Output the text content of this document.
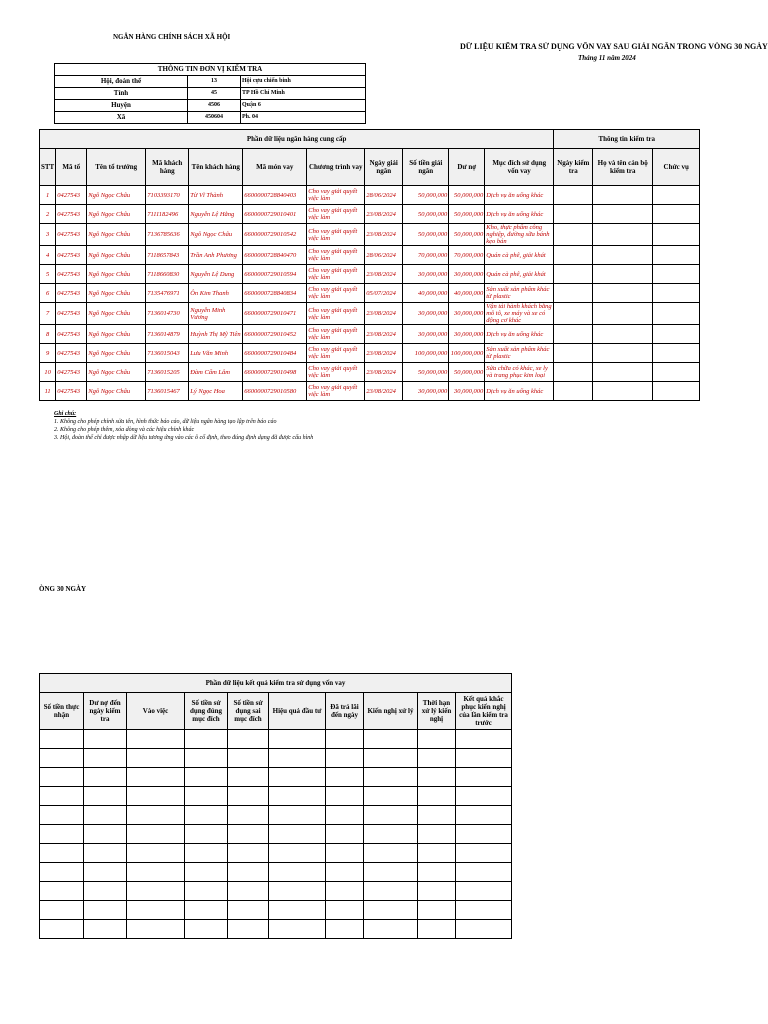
NGÂN HÀNG CHÍNH SÁCH XÃ HỘI
DỮ LIỆU KIỂM TRA SỬ DỤNG VỐN VAY SAU GIẢI NGÂN TRONG VÒNG 30 NGÀY
Tháng 11 năm 2024
THÔNG TIN ĐƠN VỊ KIỂM TRA		
Hội, đoàn thể	13	Hội cựu chiến binh
Tỉnh	45	TP Hồ Chí Minh
Huyện	4506	Quận 6
Xã	450604	Ph. 04
Phần dữ liệu ngân hàng cung cấp											Thông tin kiểm tra		
STT	Mã tổ	Tên tổ trưởng	Mã khách hàng	Tên khách hàng	Mã món vay	Chương trình vay	Ngày giải ngân	Số tiền giải ngân	Dư nợ	Mục đích sử dụng vốn vay	Ngày kiểm tra	Họ và tên cán bộ kiểm tra	Chức vụ
1	0427543	Ngô Ngọc Châu	7103393170	Từ Vĩ Thành	6600000728840403	Cho vay giải quyết việc làm	28/06/2024	50,000,000	50,000,000	Dịch vụ ăn uống khác			
2	0427543	Ngô Ngọc Châu	7111182496	Nguyễn Lệ Hằng	6600000729010401	Cho vay giải quyết việc làm	23/08/2024	50,000,000	50,000,000	Dịch vụ ăn uống khác			
3	0427543	Ngô Ngọc Châu	7136785636	Ngô Ngọc Châu	6600000729010542	Cho vay giải quyết việc làm	23/08/2024	50,000,000	50,000,000	Kho, thực phẩm công nghiệp, đường sữa bánh kẹo bán			
4	0427543	Ngô Ngọc Châu	7118657843	Trần Anh Phương	6600000728840470	Cho vay giải quyết việc làm	28/06/2024	70,000,000	70,000,000	Quán cà phê, giải khát			
5	0427543	Ngô Ngọc Châu	7118660830	Nguyễn Lệ Dung	6600000729010594	Cho vay giải quyết việc làm	23/08/2024	30,000,000	30,000,000	Quán cà phê, giải khát			
6	0427543	Ngô Ngọc Châu	7135476971	Ôn Kim Thanh	6600000728840834	Cho vay giải quyết việc làm	05/07/2024	40,000,000	40,000,000	Sản xuất sản phẩm khác từ plastic			
7	0427543	Ngô Ngọc Châu	7136014730	Nguyễn Minh Vương	6600000729010471	Cho vay giải quyết việc làm	23/08/2024	30,000,000	30,000,000	Vận tải hành khách bằng mô tô, xe máy và xe có động cơ khác			
8	0427543	Ngô Ngọc Châu	7136014879	Huỳnh Thị Mỹ Tiên	6600000729010452	Cho vay giải quyết việc làm	23/08/2024	30,000,000	30,000,000	Dịch vụ ăn uống khác			
9	0427543	Ngô Ngọc Châu	7136015043	Lưu Văn Minh	6600000729010484	Cho vay giải quyết việc làm	23/08/2024	100,000,000	100,000,000	Sản xuất sản phẩm khác từ plastic			
10	0427543	Ngô Ngọc Châu	7136015205	Đàm Cẩm Lâm	6600000729010498	Cho vay giải quyết việc làm	23/08/2024	50,000,000	50,000,000	Sửa chữa có khác, xe ly và trang phục kim loại			
11	0427543	Ngô Ngọc Châu	7136015467	Lý Ngọc Hoa	6600000729010580	Cho vay giải quyết việc làm	23/08/2024	30,000,000	30,000,000	Dịch vụ ăn uống khác			
Ghi chú:
1. Không cho phép chỉnh sửa tên, hình thức báo cáo, dữ liệu ngân hàng tạo lập trên báo cáo
2. Không cho phép thêm, xóa dòng và các hiệu chỉnh khác
3. Hội, đoàn thể chỉ được nhập dữ liệu tương ứng vào các ô cố định, theo đúng định dạng đã được cấu hình
ÒNG 30 NGÀY
Phần dữ liệu kết quả kiểm tra sử dụng vốn vay									
Số tiền thực nhận	Dư nợ đến ngày kiểm tra	Vào việc	Số tiền sử dụng đúng mục đích	Số tiền sử dụng sai mục đích	Hiệu quả đầu tư	Đã trả lãi đến ngày	Kiến nghị xử lý	Thời hạn xử lý kiến nghị	Kết quả khắc phục kiến nghị của lần kiểm tra trước
